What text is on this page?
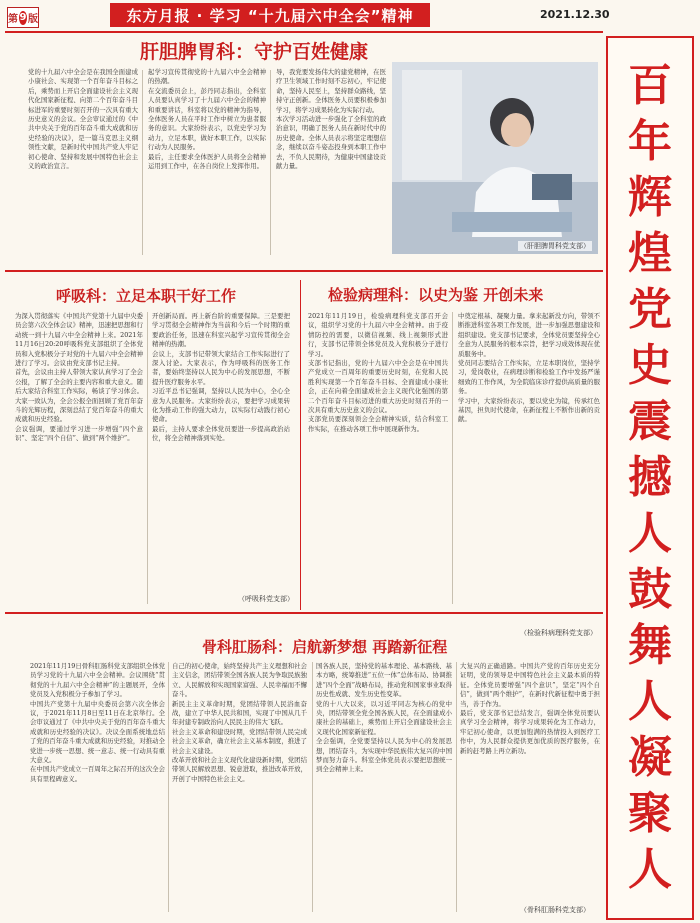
第 9 版	东方月报 · 学习 “十九届六中全会”精神	2021.12.30
百
年
辉
煌
党
史
震
撼
人
鼓
舞
人
凝
聚
人
肝胆脾胃科：守护百姓健康
党的十九届六中全会是在我国全面建成小康社会、实现第一个百年奋斗目标之后，乘势而上开启全面建设社会主义现代化国家新征程、向第二个百年奋斗目标进军的重要时刻召开的一次具有重大历史意义的会议。全会审议通过的《中共中央关于党的百年奋斗重大成就和历史经验的决议》，是一篇马克思主义纲领性文献，是新时代中国共产党人牢记初心使命、坚持和发展中国特色社会主义的政治宣言。
起学习宣传贯彻党的十九届六中全会精神的热潮。
在交流委员会上，彭丹同志指出，全科室人员要认真学习了十九届六中全会的精神和重要讲话，科室将以党的精神为指导，全体医务人员在平时工作中树立为患者服务的意识。大家纷纷表示，以党史学习为动力，立足本职，做好本职工作，以实际行动为人民服务。
最后，主任要求全体医护人员将全会精神运用到工作中，在各自岗位上发挥作用。
导，我党要发扬伟大的建党精神，在医疗卫生领域工作时刻不忘初心，牢记使命，坚持人民至上，坚持群众路线，坚持守正创新。全体医务人员要积极参加学习，将学习成果转化为实际行动。
本次学习活动进一步强化了全科室的政治意识，明确了医务人员在新时代中的历史使命。全体人员表示将坚定理想信念，继续以奋斗姿态投身到本职工作中去，不负人民期待，为健康中国建设贡献力量。
（肝胆脾胃科党支部）
呼吸科：立足本职干好工作
为深入贯彻落实《中国共产党第十九届中央委员会第六次全体会议》精神，迅速把思想和行动统一到十九届六中全会精神上来。2021年11月16日20:20呼吸科党支部组织了全体党员和入党积极分子对党的十九届六中全会精神进行了学习。会议由党支部书记主持。
首先，会议由主持人带领大家认真学习了全会公报，了解了全会的主要内容和重大意义。随后大家结合科室工作实际，畅谈了学习体会。大家一致认为，全会公报全面回顾了党百年奋斗的光辉历程，深刻总结了党百年奋斗的重大成就和历史经验。
会议强调，要通过学习进一步增强“四个意识”、坚定“四个自信”、做到“两个维护”。
开创新局面。再上新台阶的重要保障。三是要把学习贯彻全会精神作为当前和今后一个时期的重要政治任务，迅速在科室兴起学习宣传贯彻全会精神的热潮。
会议上，支部书记带领大家结合工作实际进行了深入讨论。大家表示，作为呼吸科的医务工作者，要始终坚持以人民为中心的发展思想，不断提升医疗服务水平。
习近平总书记强调，坚持以人民为中心，全心全意为人民服务。大家纷纷表示，要把学习成果转化为推动工作的强大动力，以实际行动践行初心使命。
最后，主持人要求全体党员要进一步提高政治站位，将全会精神落到实处。
（呼吸科党支部）
检验病理科：以史为鉴 开创未来
2021年11月19日，检验病理科党支部召开会议，组织学习党的十九届六中全会精神。由于疫情防控的需要，以微信视频、线上视频形式进行，支部书记带领全体党员及入党积极分子进行学习。
支部书记指出，党的十九届六中全会是在中国共产党成立一百周年的重要历史时刻，在党和人民胜利实现第一个百年奋斗目标、全面建成小康社会，正在向着全面建成社会主义现代化强国的第二个百年奋斗目标迈进的重大历史时刻召开的一次具有重大历史意义的会议。
支部党员要深刻领会全会精神实质，结合科室工作实际，在推动各项工作中展现新作为。
中奠定根基、凝聚力量。拿来起新没方向，带领不断推进科室各项工作发展，进一步加强思想建设和组织建设。党支部书记要求，全体党员要坚持全心全意为人民服务的根本宗旨，把学习成效体现在优质服务中。
党员同志要结合工作实际，立足本职岗位，坚持学习，爱岗敬业，在病理诊断和检验工作中发扬严谨细致的工作作风，为全院临床诊疗提供高质量的服务。
学习中，大家纷纷表示，要以党史为镜，传承红色基因，担负时代使命，在新征程上不断作出新的贡献。
（检验科病理科党支部）
骨科肛肠科：启航新梦想 再踏新征程
2021年11月19日骨科肛肠科党支部组织全体党员学习党的十九届六中全会精神。会议围绕“贯彻党的十九届六中全会精神”的主题展开，全体党员及入党积极分子参加了学习。
中国共产党第十九届中央委员会第六次全体会议，于2021年11月8日至11日在北京举行。全会审议通过了《中共中央关于党的百年奋斗重大成就和历史经验的决议》。决议全面系统地总结了党的百年奋斗重大成就和历史经验，对推动全党进一步统一思想、统一意志、统一行动具有重大意义。
在中国共产党成立一百周年之际召开的这次全会具有里程碑意义。
自己的初心使命，始终坚持共产主义理想和社会主义信念，团结带领全国各族人民为争取民族独立、人民解放和实现国家富强、人民幸福而不懈奋斗。
新民主主义革命时期，党团结带领人民浴血奋战，建立了中华人民共和国，实现了中国从几千年封建专制政治向人民民主的伟大飞跃。
社会主义革命和建设时期，党团结带领人民完成社会主义革命，确立社会主义基本制度，推进了社会主义建设。
改革开放和社会主义现代化建设新时期，党团结带领人民解放思想、锐意进取，推进改革开放，开创了中国特色社会主义。
国各族人民，坚持党的基本理论、基本路线、基本方略，统筹推进“五位一体”总体布局、协调推进“四个全面”战略布局，推动党和国家事业取得历史性成就、发生历史性变革。
党的十八大以来，以习近平同志为核心的党中央，团结带领全党全国各族人民，在全面建成小康社会的基础上，乘势而上开启全面建设社会主义现代化国家新征程。
全会强调，全党要坚持以人民为中心的发展思想，团结奋斗，为实现中华民族伟大复兴的中国梦而努力奋斗。科室全体党员表示要把思想统一到全会精神上来。
大复兴的正确道路。中国共产党的百年历史充分证明，党的领导是中国特色社会主义最本质的特征。全体党员要增强“四个意识”，坚定“四个自信”，做到“两个维护”，在新时代新征程中勇于担当，善于作为。
最后，党支部书记总结发言，强调全体党员要认真学习全会精神，将学习成果转化为工作动力，牢记初心使命，以更加饱满的热情投入到医疗工作中，为人民群众提供更加优质的医疗服务，在新的赶考路上再立新功。
（骨科肛肠科党支部）
